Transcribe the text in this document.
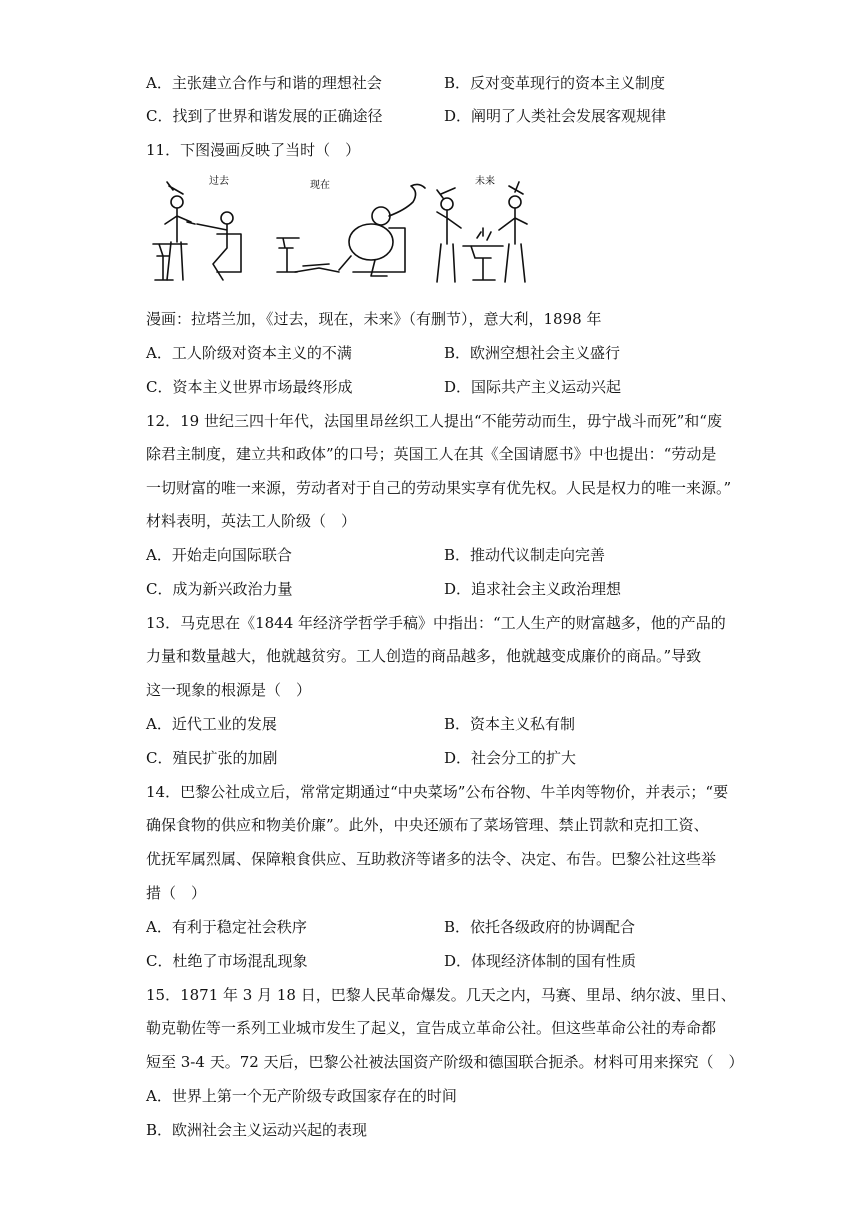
A．主张建立合作与和谐的理想社会	B．反对变革现行的资本主义制度
C．找到了世界和谐发展的正确途径	D．阐明了人类社会发展客观规律
11．下图漫画反映了当时（　）
过去	现在	未来
漫画：拉塔兰加，《过去，现在，未来》（有删节），意大利，1898 年
A．工人阶级对资本主义的不满	B．欧洲空想社会主义盛行
C．资本主义世界市场最终形成	D．国际共产主义运动兴起
12．19 世纪三四十年代，法国里昂丝织工人提出“不能劳动而生，毋宁战斗而死”和“废
除君主制度，建立共和政体”的口号；英国工人在其《全国请愿书》中也提出：“劳动是
一切财富的唯一来源，劳动者对于自己的劳动果实享有优先权。人民是权力的唯一来源。”
材料表明，英法工人阶级（　）
A．开始走向国际联合	B．推动代议制走向完善
C．成为新兴政治力量	D．追求社会主义政治理想
13．马克思在《1844 年经济学哲学手稿》中指出：“工人生产的财富越多，他的产品的
力量和数量越大，他就越贫穷。工人创造的商品越多，他就越变成廉价的商品。”导致
这一现象的根源是（　）
A．近代工业的发展	B．资本主义私有制
C．殖民扩张的加剧	D．社会分工的扩大
14．巴黎公社成立后，常常定期通过“中央菜场”公布谷物、牛羊肉等物价，并表示；“要
确保食物的供应和物美价廉”。此外，中央还颁布了菜场管理、禁止罚款和克扣工资、
优抚军属烈属、保障粮食供应、互助救济等诸多的法令、决定、布告。巴黎公社这些举
措（　）
A．有利于稳定社会秩序	B．依托各级政府的协调配合
C．杜绝了市场混乱现象	D．体现经济体制的国有性质
15．1871 年 3 月 18 日，巴黎人民革命爆发。几天之内，马赛、里昂、纳尔波、里日、
勒克勒佐等一系列工业城市发生了起义，宣告成立革命公社。但这些革命公社的寿命都
短至 3-4 天。72 天后，巴黎公社被法国资产阶级和德国联合扼杀。材料可用来探究（　）
A．世界上第一个无产阶级专政国家存在的时间
B．欧洲社会主义运动兴起的表现
